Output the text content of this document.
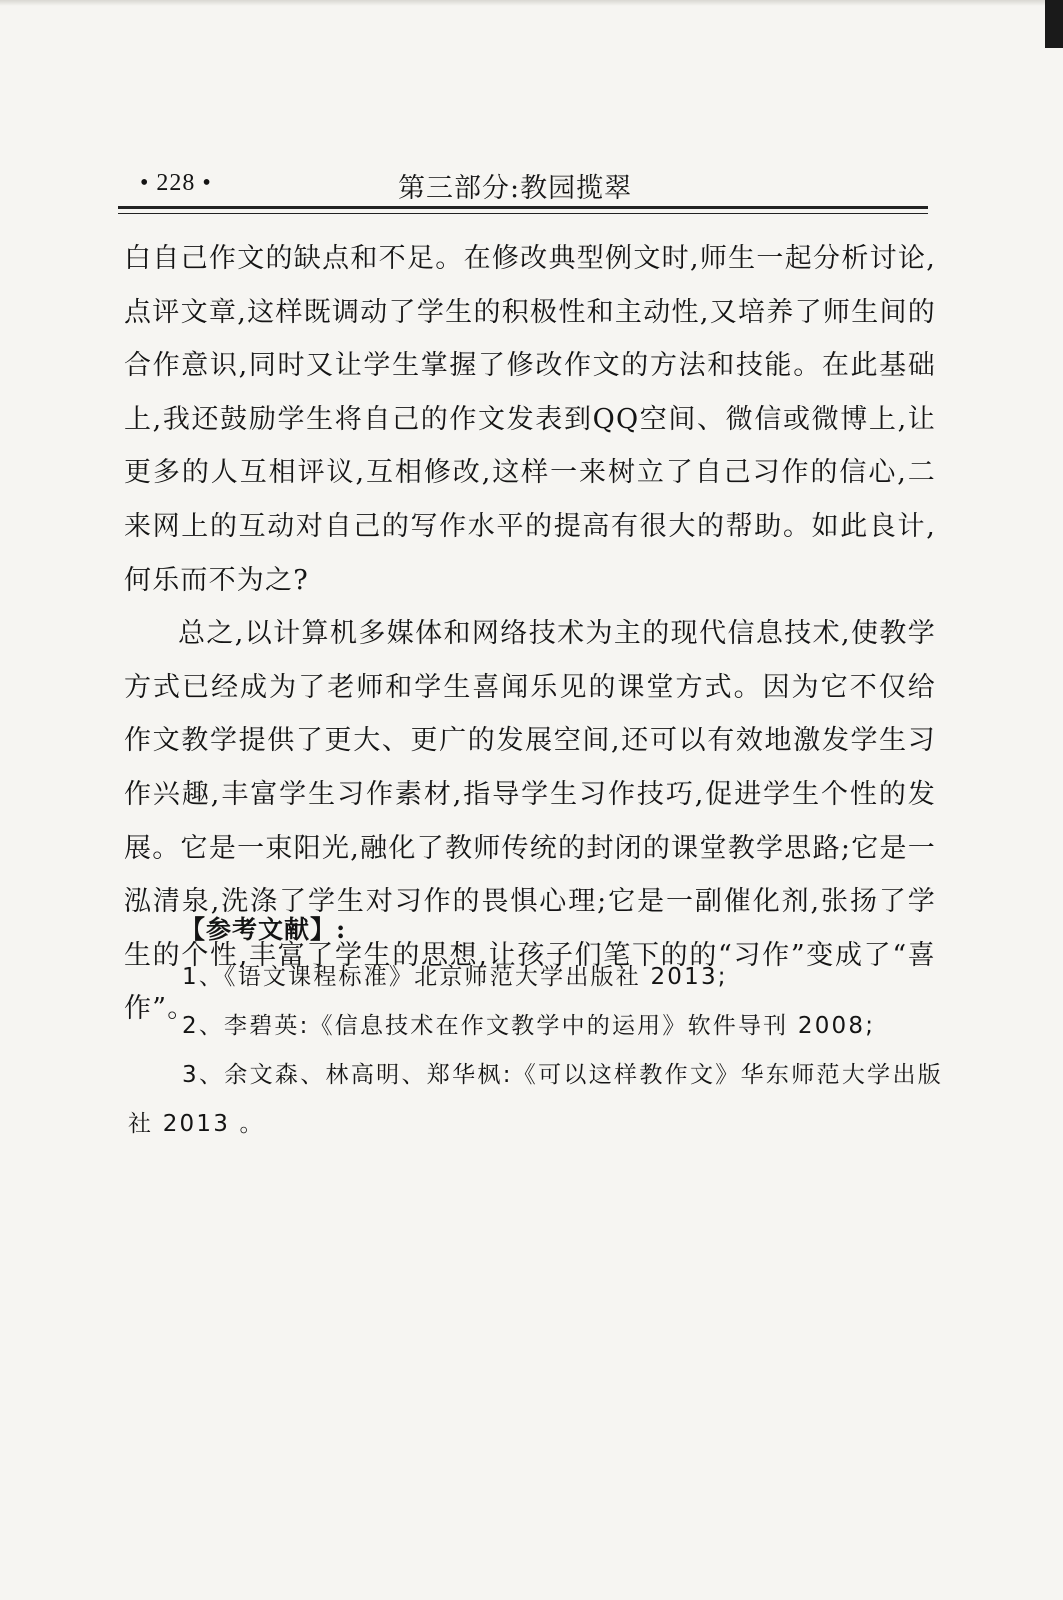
• 228 •	第三部分:教园揽翠

白自己作文的缺点和不足。在修改典型例文时,师生一起分析讨论,点评文章,这样既调动了学生的积极性和主动性,又培养了师生间的合作意识,同时又让学生掌握了修改作文的方法和技能。在此基础上,我还鼓励学生将自己的作文发表到QQ空间、微信或微博上,让更多的人互相评议,互相修改,这样一来树立了自己习作的信心,二来网上的互动对自己的写作水平的提高有很大的帮助。如此良计,何乐而不为之?

总之,以计算机多媒体和网络技术为主的现代信息技术,使教学方式已经成为了老师和学生喜闻乐见的课堂方式。因为它不仅给作文教学提供了更大、更广的发展空间,还可以有效地激发学生习作兴趣,丰富学生习作素材,指导学生习作技巧,促进学生个性的发展。它是一束阳光,融化了教师传统的封闭的课堂教学思路;它是一泓清泉,洗涤了学生对习作的畏惧心理;它是一副催化剂,张扬了学生的个性,丰富了学生的思想,让孩子们笔下的的“习作”变成了“喜作”。

【参考文献】:

1、《语文课程标准》北京师范大学出版社 2013;

2、李碧英:《信息技术在作文教学中的运用》软件导刊 2008;

3、余文森、林高明、郑华枫:《可以这样教作文》华东师范大学出版社 2013 。
